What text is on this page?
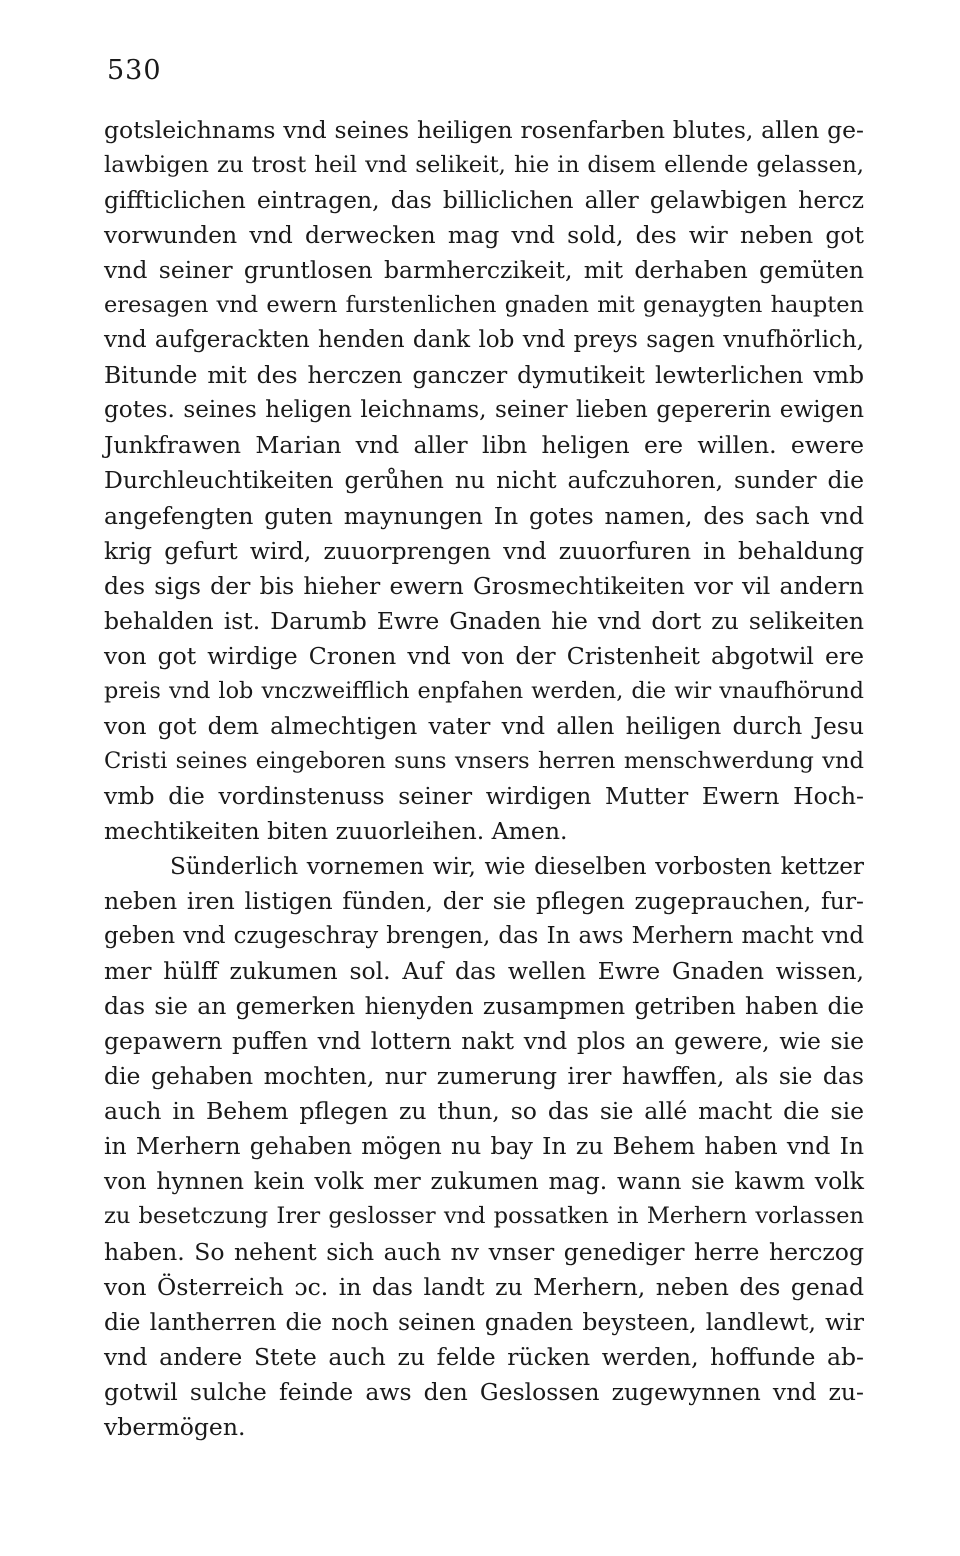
530

gotsleichnams vnd seines heiligen rosenfarben blutes, allen ge-
lawbigen zu trost heil vnd selikeit, hie in disem ellende gelassen,
giffticlichen eintragen, das billiclichen aller gelawbigen hercz
vorwunden vnd derwecken mag vnd sold, des wir neben got
vnd seiner gruntlosen barmherczikeit, mit derhaben gemüten
eresagen vnd ewern furstenlichen gnaden mit genaygten haupten
vnd aufgerackten henden dank lob vnd preys sagen vnufhörlich,
Bitunde mit des herczen ganczer dymutikeit lewterlichen vmb
gotes. seines heligen leichnams, seiner lieben gepererin ewigen
Junkfrawen Marian vnd aller libn heligen ere willen. ewere
Durchleuchtikeiten gerůhen nu nicht aufczuhoren, sunder die
angefengten guten maynungen In gotes namen, des sach vnd
krig gefurt wird, zuuorprengen vnd zuuorfuren in behaldung
des sigs der bis hieher ewern Grosmechtikeiten vor vil andern
behalden ist. Darumb Ewre Gnaden hie vnd dort zu selikeiten
von got wirdige Cronen vnd von der Cristenheit abgotwil ere
preis vnd lob vnczweifflich enpfahen werden, die wir vnaufhörund
von got dem almechtigen vater vnd allen heiligen durch Jesu
Cristi seines eingeboren suns vnsers herren menschwerdung vnd
vmb die vordinstenuss seiner wirdigen Mutter Ewern Hoch-
mechtikeiten biten zuuorleihen. Amen.
Sünderlich vornemen wir, wie dieselben vorbosten kettzer
neben iren listigen fünden, der sie pflegen zugeprauchen, fur-
geben vnd czugeschray brengen, das In aws Merhern macht vnd
mer hülff zukumen sol. Auf das wellen Ewre Gnaden wissen,
das sie an gemerken hienyden zusampmen getriben haben die
gepawern puffen vnd lottern nakt vnd plos an gewere, wie sie
die gehaben mochten, nur zumerung irer hawffen, als sie das
auch in Behem pflegen zu thun, so das sie allé macht die sie
in Merhern gehaben mögen nu bay In zu Behem haben vnd In
von hynnen kein volk mer zukumen mag. wann sie kawm volk
zu besetczung Irer geslosser vnd possatken in Merhern vorlassen
haben. So nehent sich auch nv vnser genediger herre herczog
von Österreich ɔc. in das landt zu Merhern, neben des genad
die lantherren die noch seinen gnaden beysteen, landlewt, wir
vnd andere Stete auch zu felde rücken werden, hoffunde ab-
gotwil sulche feinde aws den Geslossen zugewynnen vnd zu-
vbermögen.
